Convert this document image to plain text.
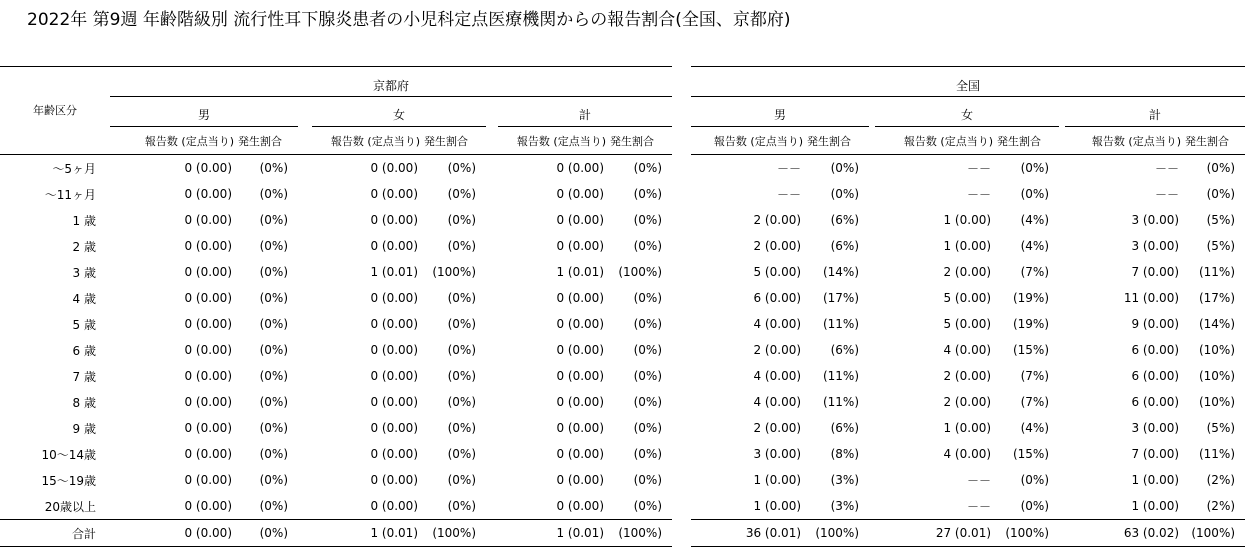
2022年 第9週 年齢階級別 流行性耳下腺炎患者の小児科定点医療機関からの報告割合(全国、京都府)
年齢区分	京都府									全国							
	男			女			計			男			女			計	
	報告数 (定点当り)	発生割合		報告数 (定点当り)	発生割合		報告数 (定点当り)	発生割合		報告数 (定点当り)	発生割合		報告数 (定点当り)	発生割合		報告数 (定点当り)	発生割合
〜5ヶ月	0 (0.00)	(0%)		0 (0.00)	(0%)		0 (0.00)	(0%)		－－	(0%)		－－	(0%)		－－	(0%)
〜11ヶ月	0 (0.00)	(0%)		0 (0.00)	(0%)		0 (0.00)	(0%)		－－	(0%)		－－	(0%)		－－	(0%)
1 歳	0 (0.00)	(0%)		0 (0.00)	(0%)		0 (0.00)	(0%)		2 (0.00)	(6%)		1 (0.00)	(4%)		3 (0.00)	(5%)
2 歳	0 (0.00)	(0%)		0 (0.00)	(0%)		0 (0.00)	(0%)		2 (0.00)	(6%)		1 (0.00)	(4%)		3 (0.00)	(5%)
3 歳	0 (0.00)	(0%)		1 (0.01)	(100%)		1 (0.01)	(100%)		5 (0.00)	(14%)		2 (0.00)	(7%)		7 (0.00)	(11%)
4 歳	0 (0.00)	(0%)		0 (0.00)	(0%)		0 (0.00)	(0%)		6 (0.00)	(17%)		5 (0.00)	(19%)		11 (0.00)	(17%)
5 歳	0 (0.00)	(0%)		0 (0.00)	(0%)		0 (0.00)	(0%)		4 (0.00)	(11%)		5 (0.00)	(19%)		9 (0.00)	(14%)
6 歳	0 (0.00)	(0%)		0 (0.00)	(0%)		0 (0.00)	(0%)		2 (0.00)	(6%)		4 (0.00)	(15%)		6 (0.00)	(10%)
7 歳	0 (0.00)	(0%)		0 (0.00)	(0%)		0 (0.00)	(0%)		4 (0.00)	(11%)		2 (0.00)	(7%)		6 (0.00)	(10%)
8 歳	0 (0.00)	(0%)		0 (0.00)	(0%)		0 (0.00)	(0%)		4 (0.00)	(11%)		2 (0.00)	(7%)		6 (0.00)	(10%)
9 歳	0 (0.00)	(0%)		0 (0.00)	(0%)		0 (0.00)	(0%)		2 (0.00)	(6%)		1 (0.00)	(4%)		3 (0.00)	(5%)
10〜14歳	0 (0.00)	(0%)		0 (0.00)	(0%)		0 (0.00)	(0%)		3 (0.00)	(8%)		4 (0.00)	(15%)		7 (0.00)	(11%)
15〜19歳	0 (0.00)	(0%)		0 (0.00)	(0%)		0 (0.00)	(0%)		1 (0.00)	(3%)		－－	(0%)		1 (0.00)	(2%)
20歳以上	0 (0.00)	(0%)		0 (0.00)	(0%)		0 (0.00)	(0%)		1 (0.00)	(3%)		－－	(0%)		1 (0.00)	(2%)
合計	0 (0.00)	(0%)		1 (0.01)	(100%)		1 (0.01)	(100%)		36 (0.01)	(100%)		27 (0.01)	(100%)		63 (0.02)	(100%)
